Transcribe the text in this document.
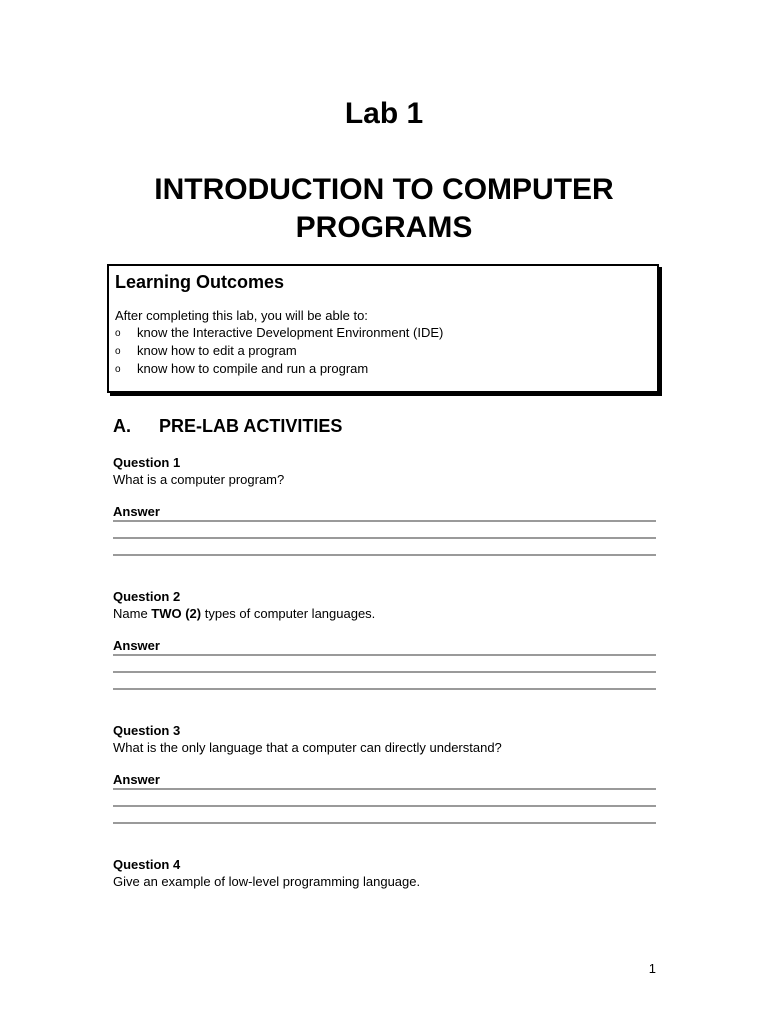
Lab 1
INTRODUCTION TO COMPUTER
PROGRAMS

Learning Outcomes

After completing this lab, you will be able to:

o know the Interactive Development Environment (IDE)
o know how to edit a program
o know how to compile and run a program
A. PRE-LAB ACTIVITIES

Question 1

What is a computer program?

Answer

Question 2

Name TWO (2) types of computer languages.

Answer

Question 3

What is the only language that a computer can directly understand?

Answer

Question 4

Give an example of low-level programming language.

1
